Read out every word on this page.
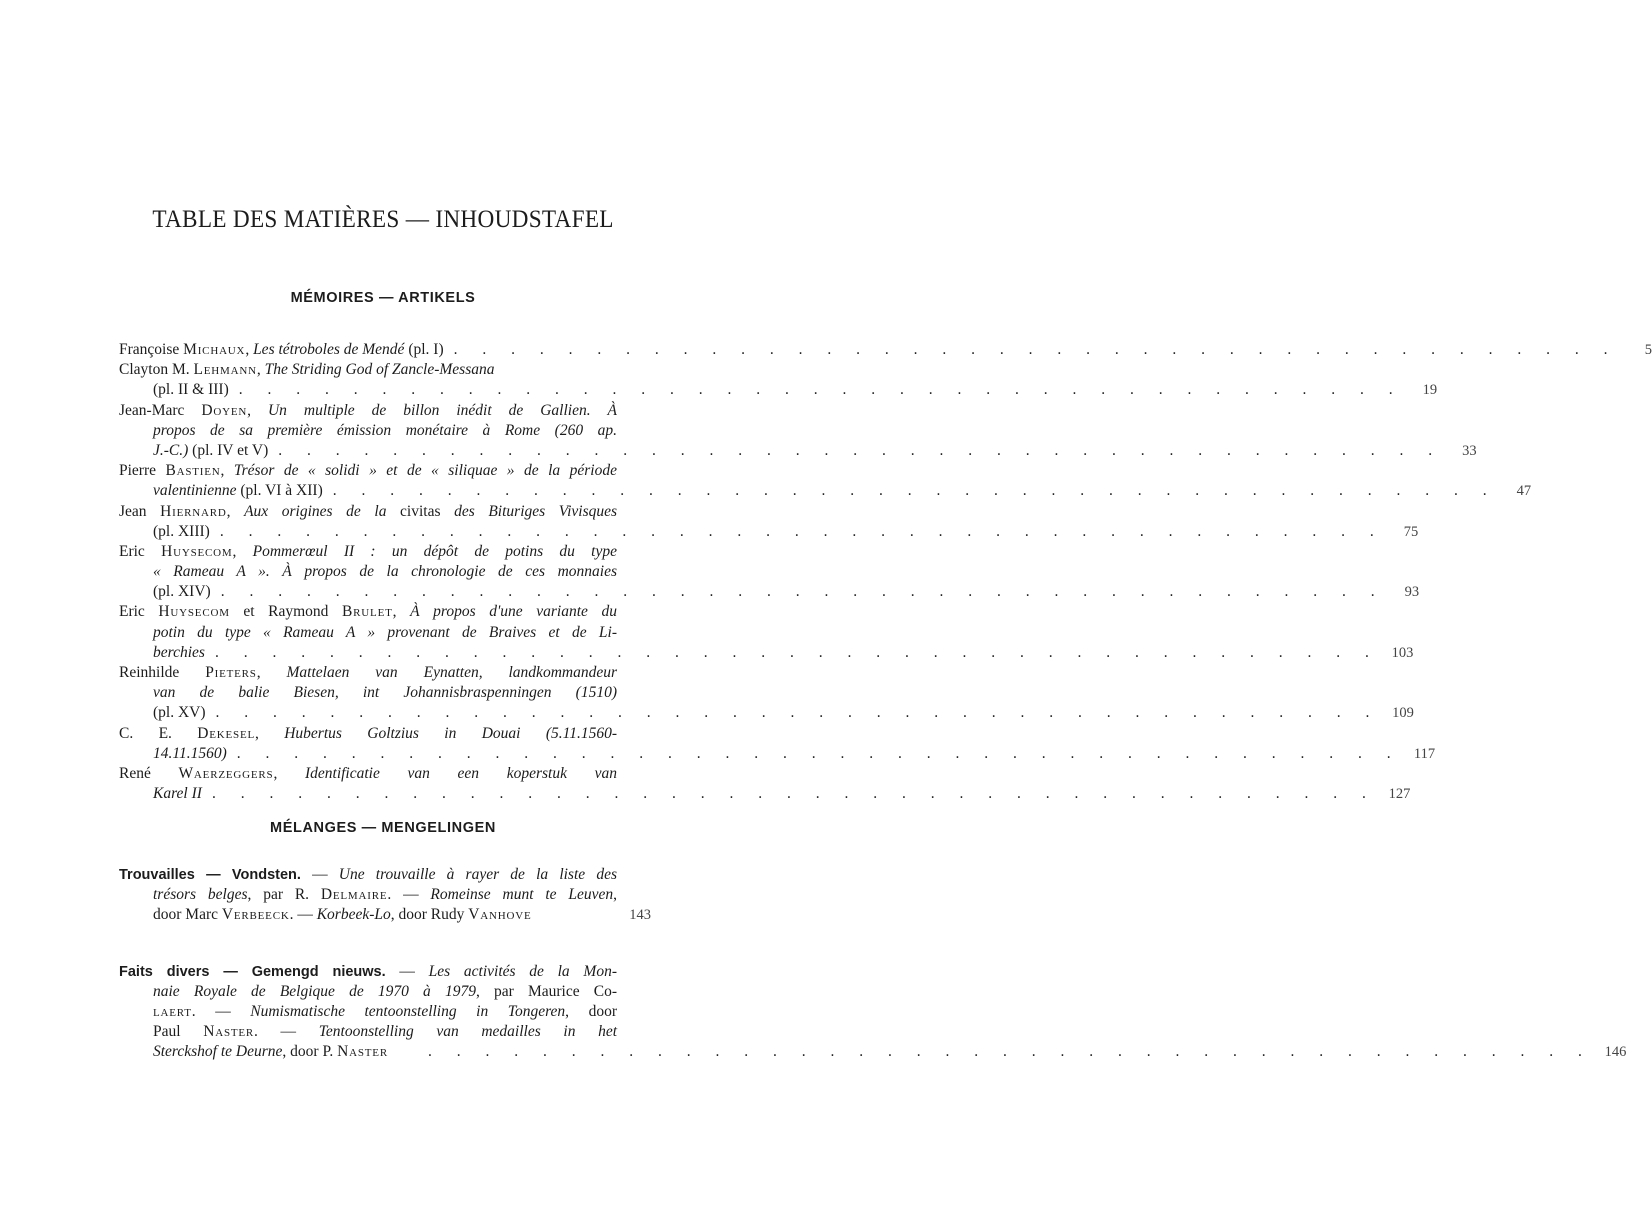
TABLE DES MATIÈRES — INHOUDSTAFEL
MÉMOIRES — ARTIKELS
Françoise Michaux, Les tétroboles de Mendé (pl. I) . . . . . . . . . . . . . . . . . . . . . . . . . . . . . . . . . . . . . . . . .	5
Clayton M. Lehmann, The Striding God of Zancle-Messana
(pl. II & III) . . . . . . . . . . . . . . . . . . . . . . . . . . . . . . . . . . . . . . . . .	19
Jean-Marc Doyen, Un multiple de billon inédit de Gallien. À
propos de sa première émission monétaire à Rome (260 ap.
J.-C.) (pl. IV et V) . . . . . . . . . . . . . . . . . . . . . . . . . . . . . . . . . . . . . . . . .	33
Pierre Bastien, Trésor de « solidi » et de « siliquae » de la période
valentinienne (pl. VI à XII) . . . . . . . . . . . . . . . . . . . . . . . . . . . . . . . . . . . . . . . . .	47
Jean Hiernard, Aux origines de la civitas des Bituriges Vivisques
(pl. XIII) . . . . . . . . . . . . . . . . . . . . . . . . . . . . . . . . . . . . . . . . .	75
Eric Huysecom, Pommerœul II : un dépôt de potins du type
« Rameau A ». À propos de la chronologie de ces monnaies
(pl. XIV) . . . . . . . . . . . . . . . . . . . . . . . . . . . . . . . . . . . . . . . . .	93
Eric Huysecom et Raymond Brulet, À propos d'une variante du
potin du type « Rameau A » provenant de Braives et de Li-
berchies . . . . . . . . . . . . . . . . . . . . . . . . . . . . . . . . . . . . . . . . . 103
Reinhilde Pieters, Mattelaen van Eynatten, landkommandeur
van de balie Biesen, int Johannisbraspenningen (1510)
(pl. XV) . . . . . . . . . . . . . . . . . . . . . . . . . . . . . . . . . . . . . . . . . 109
C. E. Dekesel, Hubertus Goltzius in Douai (5.11.1560-
14.11.1560) . . . . . . . . . . . . . . . . . . . . . . . . . . . . . . . . . . . . . . . . . 117
René Waerzeggers, Identificatie van een koperstuk van
Karel II . . . . . . . . . . . . . . . . . . . . . . . . . . . . . . . . . . . . . . . . . 127
MÉLANGES — MENGELINGEN
Trouvailles — Vondsten. — Une trouvaille à rayer de la liste des
trésors belges, par R. Delmaire. — Romeinse munt te Leuven,
door Marc Verbeeck. — Korbeek-Lo, door Rudy Vanhove	143
Faits divers — Gemengd nieuws. — Les activités de la Mon-
naie Royale de Belgique de 1970 à 1979, par Maurice Co-
laert. — Numismatische tentoonstelling in Tongeren, door
Paul Naster. — Tentoonstelling van medailles in het
Sterckshof te Deurne, door P. Naster	. . . . . . . . . . . . . . . . . . . . . . . . . . . . . . . . . . . . . . . . . 146
